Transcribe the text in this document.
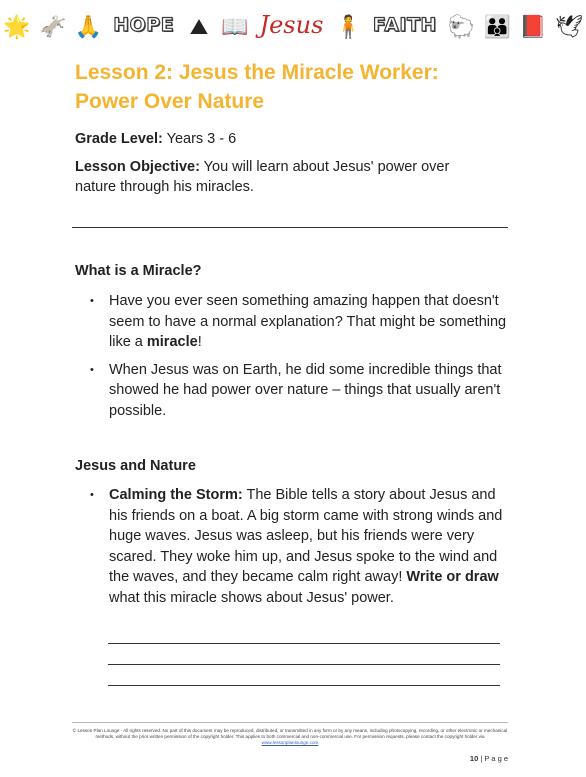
🌟 🫏 🙏 HOPE ⛰ 📖 Jesus 🧍 FAITH 🐑 👪 📕 🕊
Lesson 2: Jesus the Miracle Worker:
Power Over Nature
Grade Level: Years 3 - 6
Lesson Objective: You will learn about Jesus' power over nature through his miracles.
What is a Miracle?
• Have you ever seen something amazing happen that doesn't seem to have a normal explanation? That might be something like a miracle!
• When Jesus was on Earth, he did some incredible things that showed he had power over nature – things that usually aren't possible.
Jesus and Nature
• Calming the Storm: The Bible tells a story about Jesus and his friends on a boat. A big storm came with strong winds and huge waves. Jesus was asleep, but his friends were very scared. They woke him up, and Jesus spoke to the wind and the waves, and they became calm right away! Write or draw what this miracle shows about Jesus' power.
© Lesson Plan Lounge - All rights reserved. No part of this document may be reproduced, distributed, or transmitted in any form or by any means, including photocopying, recording, or other electronic or mechanical methods, without the prior written permission of the copyright holder. This applies to both commercial and non-commercial use. For permission requests, please contact the copyright holder via
www.lessonplanlounge.com
10 | P a g e
